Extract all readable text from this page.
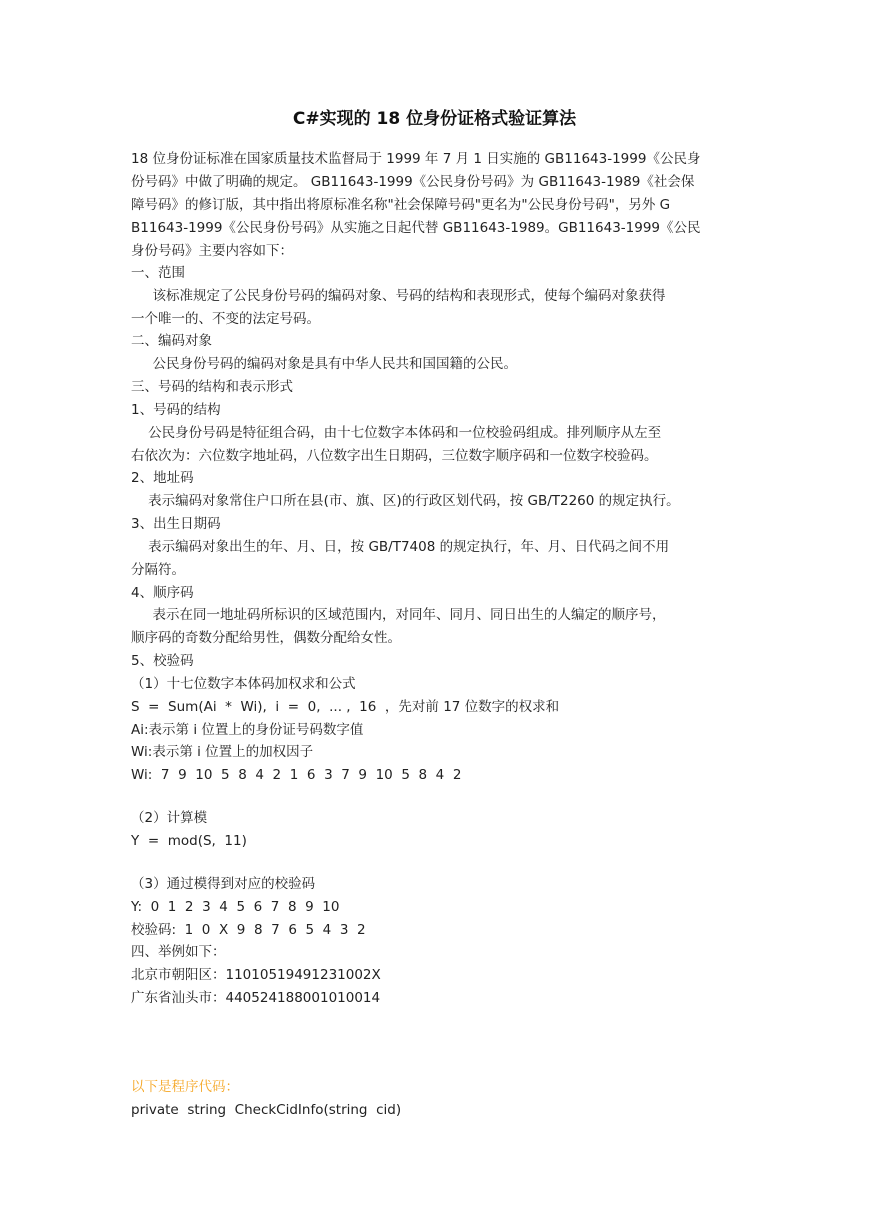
C#实现的 18 位身份证格式验证算法
18 位身份证标准在国家质量技术监督局于 1999 年 7 月 1 日实施的 GB11643-1999《公民身
份号码》中做了明确的规定。 GB11643-1999《公民身份号码》为 GB11643-1989《社会保
障号码》的修订版，其中指出将原标准名称"社会保障号码"更名为"公民身份号码"，另外 G
B11643-1999《公民身份号码》从实施之日起代替 GB11643-1989。GB11643-1999《公民
身份号码》主要内容如下：
一、范围
该标准规定了公民身份号码的编码对象、号码的结构和表现形式，使每个编码对象获得
一个唯一的、不变的法定号码。
二、编码对象
公民身份号码的编码对象是具有中华人民共和国国籍的公民。
三、号码的结构和表示形式
1、号码的结构
公民身份号码是特征组合码，由十七位数字本体码和一位校验码组成。排列顺序从左至
右依次为：六位数字地址码，八位数字出生日期码，三位数字顺序码和一位数字校验码。
2、地址码
表示编码对象常住户口所在县(市、旗、区)的行政区划代码，按 GB/T2260 的规定执行。
3、出生日期码
表示编码对象出生的年、月、日，按 GB/T7408 的规定执行，年、月、日代码之间不用
分隔符。
4、顺序码
表示在同一地址码所标识的区域范围内，对同年、同月、同日出生的人编定的顺序号，
顺序码的奇数分配给男性，偶数分配给女性。
5、校验码
（1）十七位数字本体码加权求和公式
S  =  Sum(Ai  *  Wi),  i  =  0,  ... ,  16  ，先对前 17 位数字的权求和
Ai:表示第 i 位置上的身份证号码数字值
Wi:表示第 i 位置上的加权因子
Wi:  7  9  10  5  8  4  2  1  6  3  7  9  10  5  8  4  2
（2）计算模
Y  =  mod(S,  11)
（3）通过模得到对应的校验码
Y:  0  1  2  3  4  5  6  7  8  9  10
校验码:  1  0  X  9  8  7  6  5  4  3  2
四、举例如下：
北京市朝阳区：11010519491231002X
广东省汕头市：440524188001010014
以下是程序代码：
private  string  CheckCidInfo(string  cid)
